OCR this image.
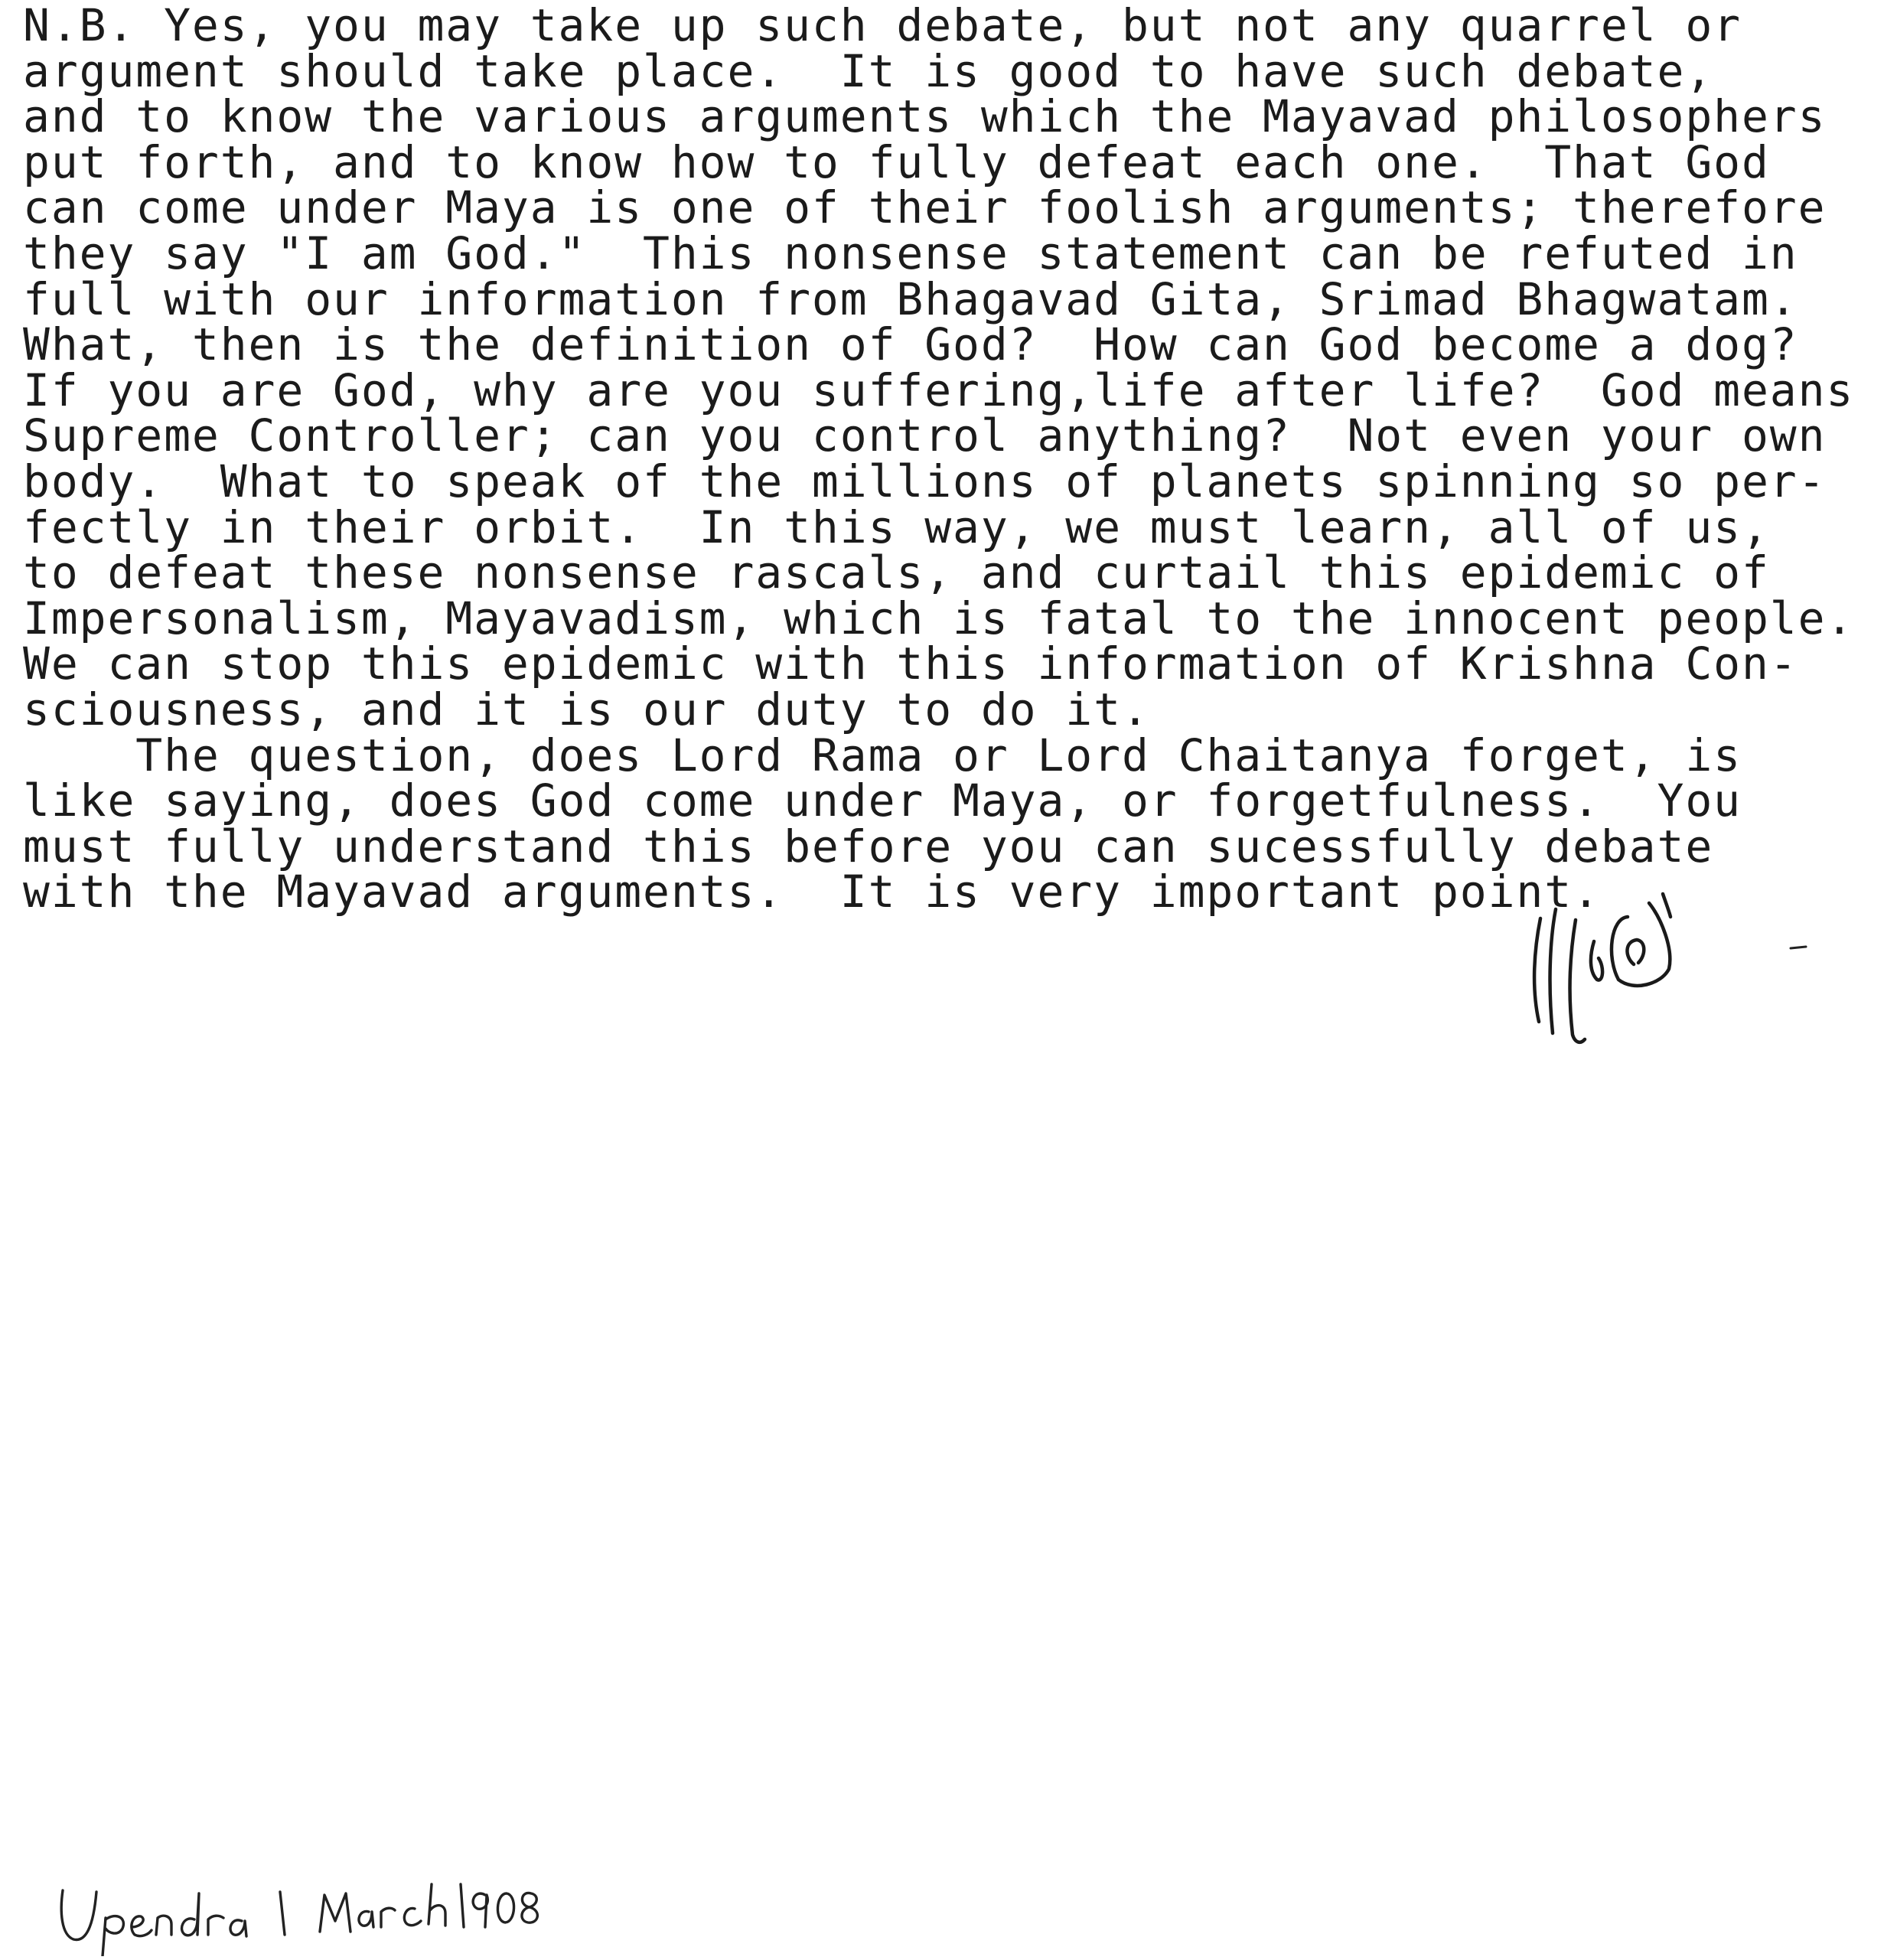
N.B. Yes, you may take up such debate, but not any quarrel or
argument should take place.  It is good to have such debate,
and to know the various arguments which the Mayavad philosophers
put forth, and to know how to fully defeat each one.  That God
can come under Maya is one of their foolish arguments; therefore
they say "I am God."  This nonsense statement can be refuted in
full with our information from Bhagavad Gita, Srimad Bhagwatam.
What, then is the definition of God?  How can God become a dog?
If you are God, why are you suffering,life after life?  God means
Supreme Controller; can you control anything?  Not even your own
body.  What to speak of the millions of planets spinning so per-
fectly in their orbit.  In this way, we must learn, all of us,
to defeat these nonsense rascals, and curtail this epidemic of
Impersonalism, Mayavadism, which is fatal to the innocent people.
We can stop this epidemic with this information of Krishna Con-
sciousness, and it is our duty to do it.
The question, does Lord Rama or Lord Chaitanya forget, is
like saying, does God come under Maya, or forgetfulness.  You
must fully understand this before you can sucessfully debate
with the Mayavad arguments.  It is very important point.
